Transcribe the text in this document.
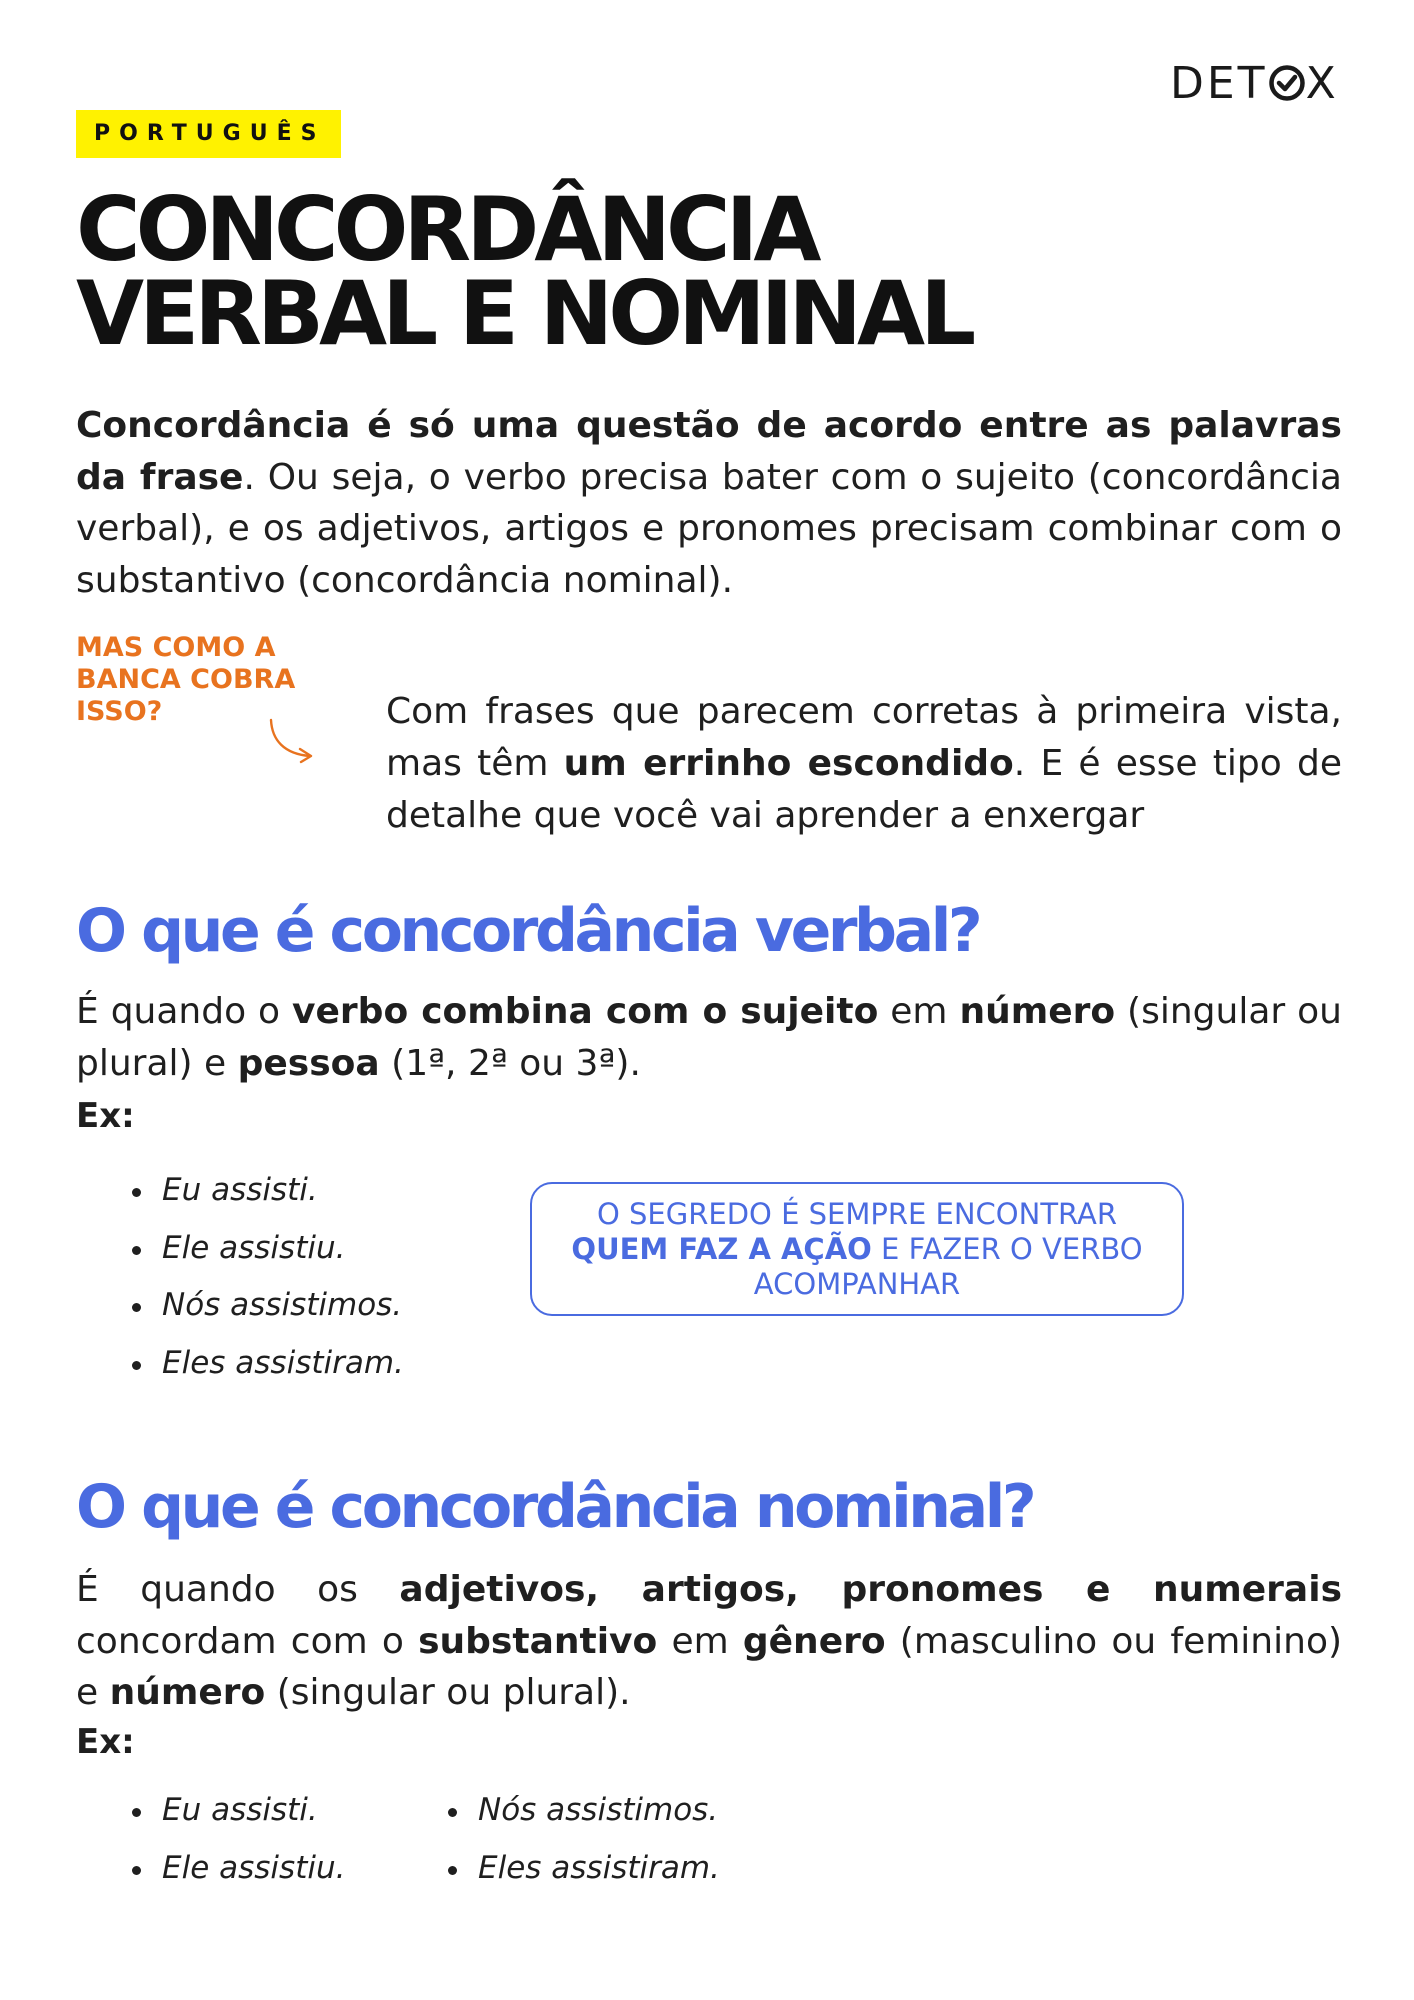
DET X
PORTUGUÊS
CONCORDÂNCIA
VERBAL E NOMINAL

Concordância é só uma questão de acordo entre as palavras da frase. Ou seja, o verbo precisa bater com o sujeito (concordância verbal), e os adjetivos, artigos e pronomes precisam combinar com o substantivo (concordância nominal).

MAS COMO A BANCA COBRA ISSO?	Com frases que parecem corretas à primeira vista, mas têm um errinho escondido. E é esse tipo de detalhe que você vai aprender a enxergar

O que é concordância verbal?

É quando o verbo combina com o sujeito em número (singular ou plural) e pessoa (1ª, 2ª ou 3ª).

Ex:
Eu assisti.
Ele assistiu.
Nós assistimos.
Eles assistiram.
O SEGREDO É SEMPRE ENCONTRAR
QUEM FAZ A AÇÃO E FAZER O VERBO
ACOMPANHAR
O que é concordância nominal?

É quando os adjetivos, artigos, pronomes e numerais concordam com o substantivo em gênero (masculino ou feminino) e número (singular ou plural).

Ex:
Eu assisti.
Ele assistiu.
Nós assistimos.
Eles assistiram.
